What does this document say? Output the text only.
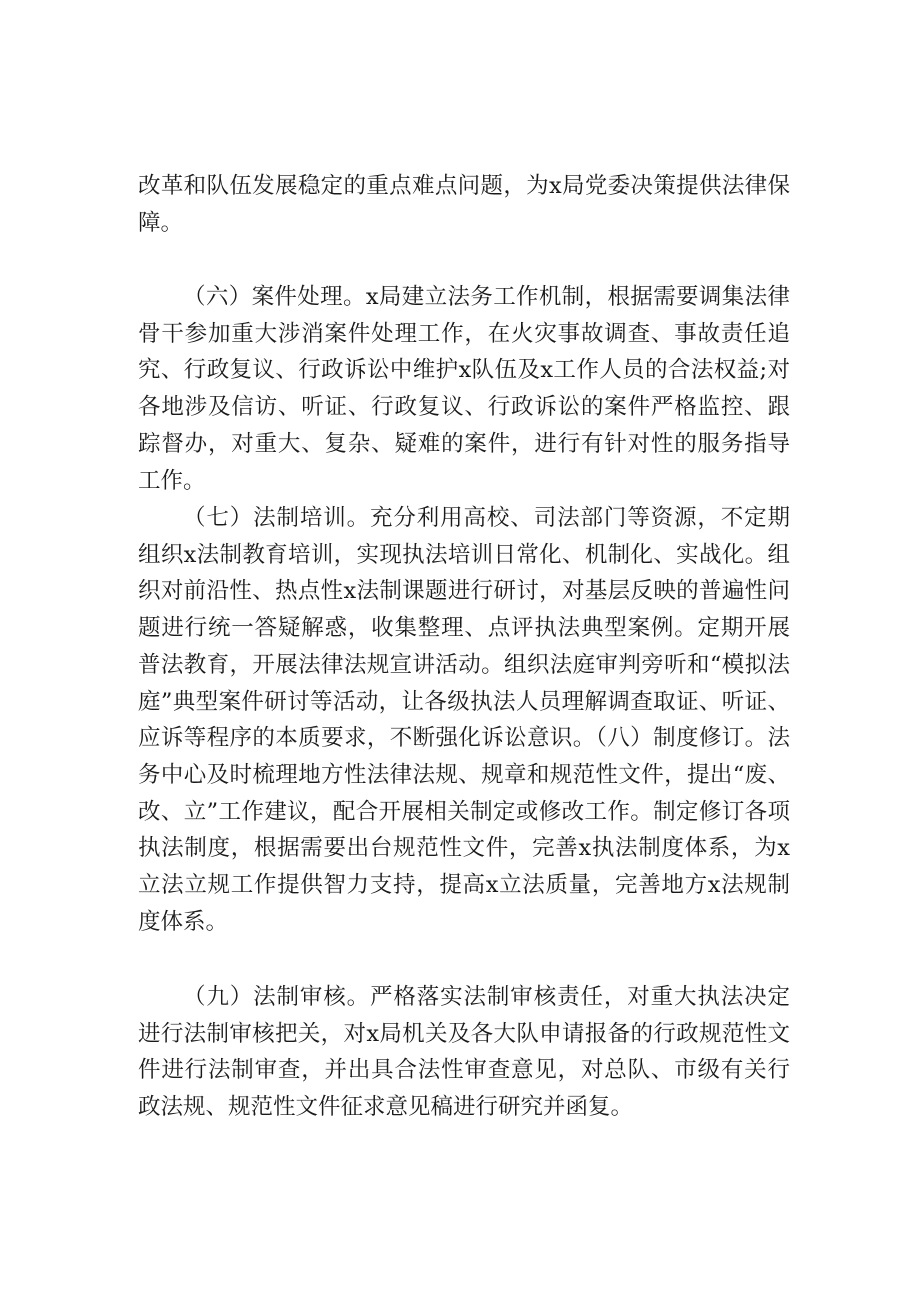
改革和队伍发展稳定的重点难点问题，为x局党委决策提供法律保障。

（六）案件处理。x局建立法务工作机制，根据需要调集法律骨干参加重大涉消案件处理工作，在火灾事故调查、事故责任追究、行政复议、行政诉讼中维护x队伍及x工作人员的合法权益;对各地涉及信访、听证、行政复议、行政诉讼的案件严格监控、跟踪督办，对重大、复杂、疑难的案件，进行有针对性的服务指导工作。

（七）法制培训。充分利用高校、司法部门等资源，不定期组织x法制教育培训，实现执法培训日常化、机制化、实战化。组织对前沿性、热点性x法制课题进行研讨，对基层反映的普遍性问题进行统一答疑解惑，收集整理、点评执法典型案例。定期开展普法教育，开展法律法规宣讲活动。组织法庭审判旁听和“模拟法庭”典型案件研讨等活动，让各级执法人员理解调查取证、听证、应诉等程序的本质要求，不断强化诉讼意识。（八）制度修订。法务中心及时梳理地方性法律法规、规章和规范性文件，提出“废、改、立”工作建议，配合开展相关制定或修改工作。制定修订各项执法制度，根据需要出台规范性文件，完善x执法制度体系，为x立法立规工作提供智力支持，提高x立法质量，完善地方x法规制度体系。

（九）法制审核。严格落实法制审核责任，对重大执法决定进行法制审核把关，对x局机关及各大队申请报备的行政规范性文件进行法制审查，并出具合法性审查意见，对总队、市级有关行政法规、规范性文件征求意见稿进行研究并函复。
